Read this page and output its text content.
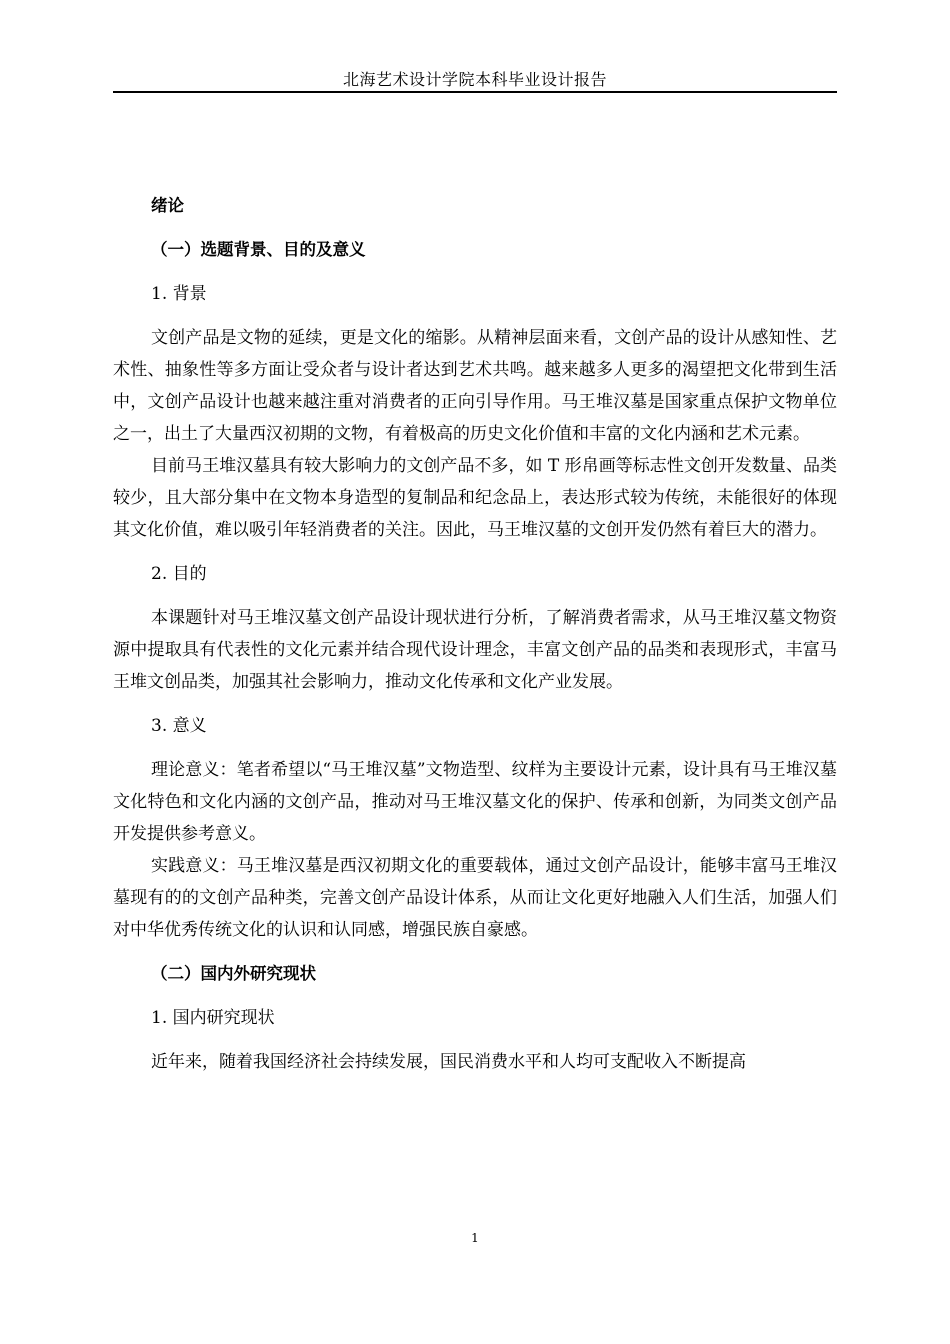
北海艺术设计学院本科毕业设计报告
绪论
（一）选题背景、目的及意义
1. 背景

文创产品是文物的延续，更是文化的缩影。从精神层面来看，文创产品的设计从感知性、艺术性、抽象性等多方面让受众者与设计者达到艺术共鸣。越来越多人更多的渴望把文化带到生活中，文创产品设计也越来越注重对消费者的正向引导作用。马王堆汉墓是国家重点保护文物单位之一，出土了大量西汉初期的文物，有着极高的历史文化价值和丰富的文化内涵和艺术元素。

目前马王堆汉墓具有较大影响力的文创产品不多，如 T 形帛画等标志性文创开发数量、品类较少，且大部分集中在文物本身造型的复制品和纪念品上，表达形式较为传统，未能很好的体现其文化价值，难以吸引年轻消费者的关注。因此，马王堆汉墓的文创开发仍然有着巨大的潜力。

2. 目的

本课题针对马王堆汉墓文创产品设计现状进行分析，了解消费者需求，从马王堆汉墓文物资源中提取具有代表性的文化元素并结合现代设计理念，丰富文创产品的品类和表现形式，丰富马王堆文创品类，加强其社会影响力，推动文化传承和文化产业发展。

3. 意义

理论意义：笔者希望以“马王堆汉墓”文物造型、纹样为主要设计元素，设计具有马王堆汉墓文化特色和文化内涵的文创产品，推动对马王堆汉墓文化的保护、传承和创新，为同类文创产品开发提供参考意义。

实践意义：马王堆汉墓是西汉初期文化的重要载体，通过文创产品设计，能够丰富马王堆汉墓现有的的文创产品种类，完善文创产品设计体系，从而让文化更好地融入人们生活，加强人们对中华优秀传统文化的认识和认同感，增强民族自豪感。

（二）国内外研究现状
1. 国内研究现状

近年来，随着我国经济社会持续发展，国民消费水平和人均可支配收入不断提高

1
